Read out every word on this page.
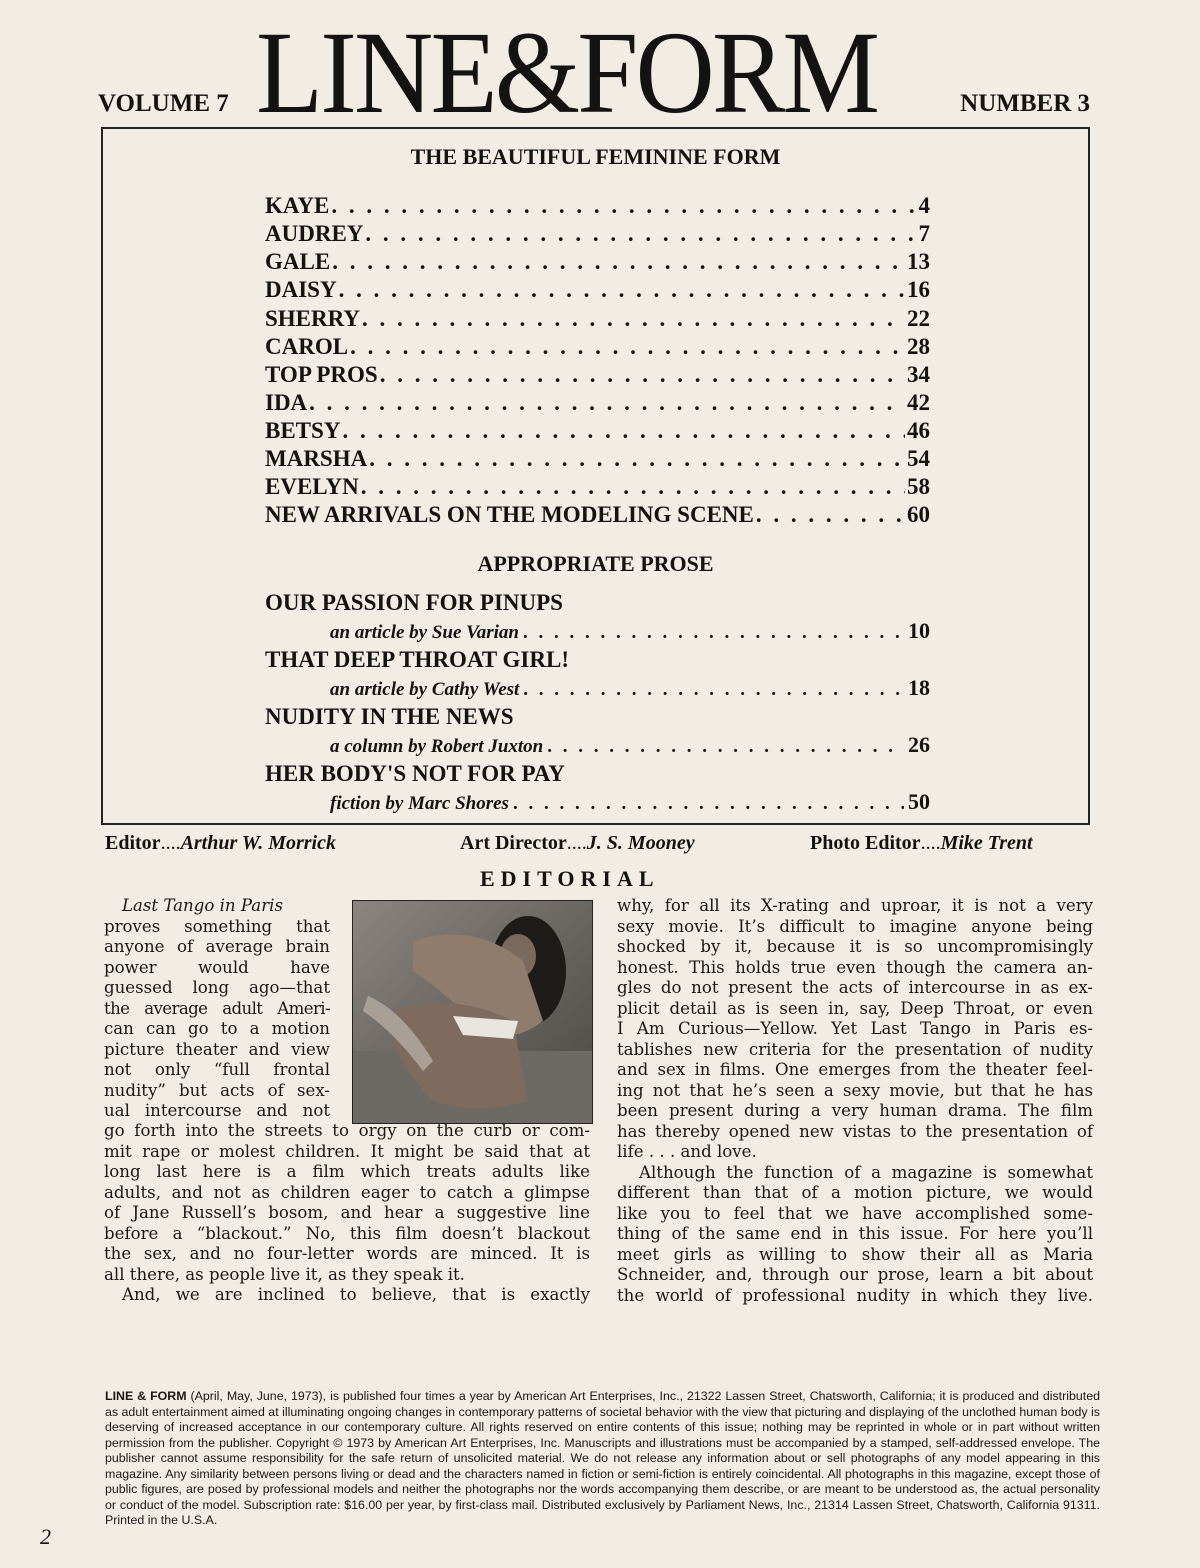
VOLUME 7 LINE&FORM	NUMBER 3
THE BEAUTIFUL FEMININE FORM
KAYE . . .	4
AUDREY . . .	7
GALE . . .	13
DAISY . . .	16
SHERRY . . .	22
CAROL . . .	28
TOP PROS . . .	34
IDA . . .	42
BETSY . . .	46
MARSHA . . .	54
EVELYN . . .	58
NEW ARRIVALS ON THE MODELING SCENE . . .	60
APPROPRIATE PROSE
OUR PASSION FOR PINUPS
an article by Sue Varian . . .	10
THAT DEEP THROAT GIRL!
an article by Cathy West . . .	18
NUDITY IN THE NEWS
a column by Robert Juxton . . .	26
HER BODY'S NOT FOR PAY
fiction by Marc Shores . . .	50
Editor....Arthur W. Morrick	Art Director....J. S. Mooney	Photo Editor....Mike Trent
EDITORIAL
Last Tango in Paris
proves something that
anyone of average brain
power would have
guessed long ago—that
the average adult Ameri-
can can go to a motion
picture theater and view
not only “full frontal
nudity” but acts of sex-
ual intercourse and not
go forth into the streets to orgy on the curb or com-
mit rape or molest children. It might be said that at
long last here is a film which treats adults like
adults, and not as children eager to catch a glimpse
of Jane Russell’s bosom, and hear a suggestive line
before a “blackout.” No, this film doesn’t blackout
the sex, and no four-letter words are minced. It is
all there, as people live it, as they speak it.
And, we are inclined to believe, that is exactly
why, for all its X-rating and uproar, it is not a very
sexy movie. It’s difficult to imagine anyone being
shocked by it, because it is so uncompromisingly
honest. This holds true even though the camera an-
gles do not present the acts of intercourse in as ex-
plicit detail as is seen in, say, Deep Throat, or even
I Am Curious—Yellow. Yet Last Tango in Paris es-
tablishes new criteria for the presentation of nudity
and sex in films. One emerges from the theater feel-
ing not that he’s seen a sexy movie, but that he has
been present during a very human drama. The film
has thereby opened new vistas to the presentation of
life . . . and love.
Although the function of a magazine is somewhat
different than that of a motion picture, we would
like you to feel that we have accomplished some-
thing of the same end in this issue. For here you’ll
meet girls as willing to show their all as Maria
Schneider, and, through our prose, learn a bit about
the world of professional nudity in which they live.
LINE & FORM (April, May, June, 1973), is published four times a year by American Art Enterprises, Inc., 21322 Lassen Street, Chatsworth, California; it is produced and distributed as adult entertainment aimed at illuminating ongoing changes in contemporary patterns of societal behavior with the view that picturing and displaying of the unclothed human body is deserving of increased acceptance in our contemporary culture. All rights reserved on entire contents of this issue; nothing may be reprinted in whole or in part without written permission from the publisher. Copyright © 1973 by American Art Enterprises, Inc. Manuscripts and illustrations must be accompanied by a stamped, self-addressed envelope. The publisher cannot assume responsibility for the safe return of unsolicited material. We do not release any information about or sell photographs of any model appearing in this magazine. Any similarity between persons living or dead and the characters named in fiction or semi-fiction is entirely coincidental. All photographs in this magazine, except those of public figures, are posed by professional models and neither the photographs nor the words accompanying them describe, or are meant to be understood as, the actual personality or conduct of the model. Subscription rate: $16.00 per year, by first-class mail. Distributed exclusively by Parliament News, Inc., 21314 Lassen Street, Chatsworth, California 91311. Printed in the U.S.A.
2
